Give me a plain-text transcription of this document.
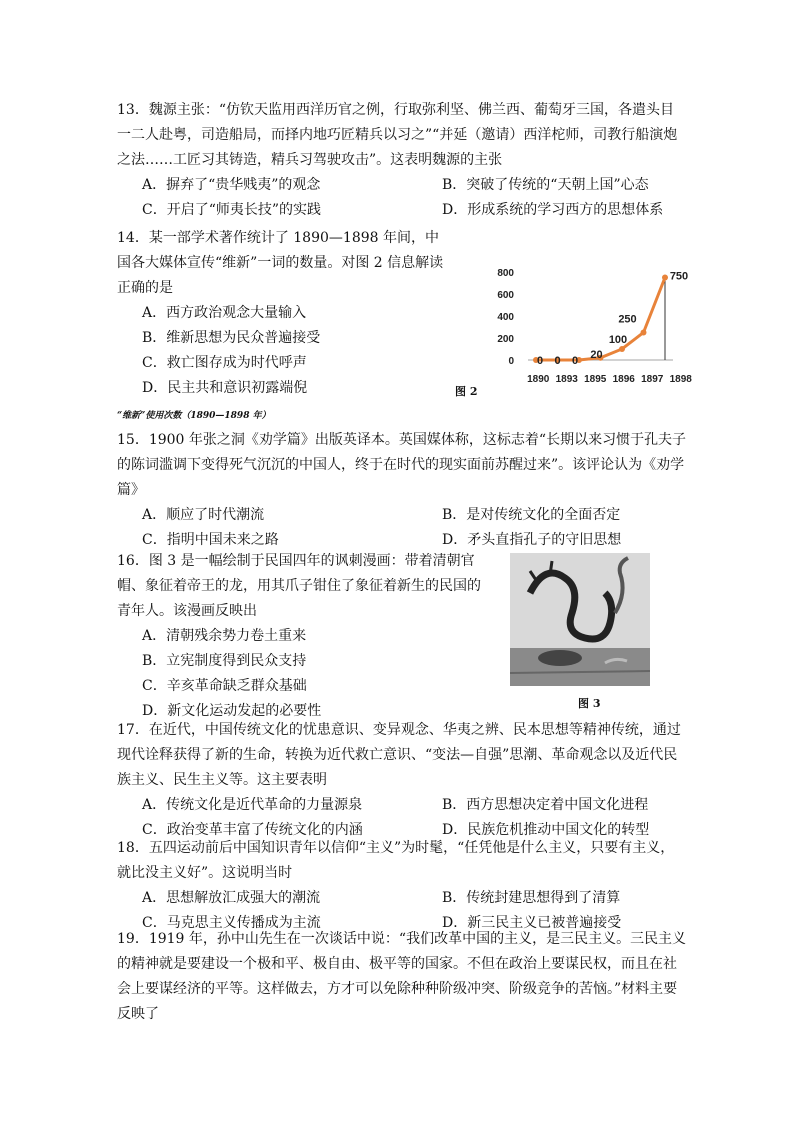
13．魏源主张：“仿钦天监用西洋历官之例，行取弥利坚、佛兰西、葡萄牙三国，各遣头目一二人赴粤，司造船局，而择内地巧匠精兵以习之”“并延（邀请）西洋柁师，司教行船演炮之法……工匠习其铸造，精兵习驾驶攻击”。这表明魏源的主张
A．摒弃了“贵华贱夷”的观念	B．突破了传统的“天朝上国”心态
C．开启了“师夷长技”的实践	D．形成系统的学习西方的思想体系
14．某一部学术著作统计了 1890—1898 年间，中国各大媒体宣传“维新”一词的数量。对图 2 信息解读正确的是
A．西方政治观念大量输入
B．维新思想为民众普遍接受
C．救亡图存成为时代呼声
D．民主共和意识初露端倪
0
200
400
600
800
0 0 0
20
100
250
750
1890 1893 1895 1896 1897 1898
图 2
“维新”使用次数（1890—1898 年）
15．1900 年张之洞《劝学篇》出版英译本。英国媒体称，这标志着“长期以来习惯于孔夫子的陈词滥调下变得死气沉沉的中国人，终于在时代的现实面前苏醒过来”。该评论认为《劝学篇》
A．顺应了时代潮流	B．是对传统文化的全面否定
C．指明中国未来之路	D．矛头直指孔子的守旧思想
16．图 3 是一幅绘制于民国四年的讽刺漫画：带着清朝官帽、象征着帝王的龙，用其爪子钳住了象征着新生的民国的青年人。该漫画反映出
A．清朝残余势力卷土重来
B．立宪制度得到民众支持
C．辛亥革命缺乏群众基础
D．新文化运动发起的必要性	图 3
17．在近代，中国传统文化的忧患意识、变异观念、华夷之辨、民本思想等精神传统，通过现代诠释获得了新的生命，转换为近代救亡意识、“变法—自强”思潮、革命观念以及近代民族主义、民生主义等。这主要表明
A．传统文化是近代革命的力量源泉	B．西方思想决定着中国文化进程
C．政治变革丰富了传统文化的内涵	D．民族危机推动中国文化的转型
18．五四运动前后中国知识青年以信仰“主义”为时髦，“任凭他是什么主义，只要有主义，就比没主义好”。这说明当时
A．思想解放汇成强大的潮流	B．传统封建思想得到了清算
C．马克思主义传播成为主流	D．新三民主义已被普遍接受
19．1919 年，孙中山先生在一次谈话中说：“我们改革中国的主义，是三民主义。三民主义的精神就是要建设一个极和平、极自由、极平等的国家。不但在政治上要谋民权，而且在社会上要谋经济的平等。这样做去，方才可以免除种种阶级冲突、阶级竞争的苦恼。”材料主要反映了
